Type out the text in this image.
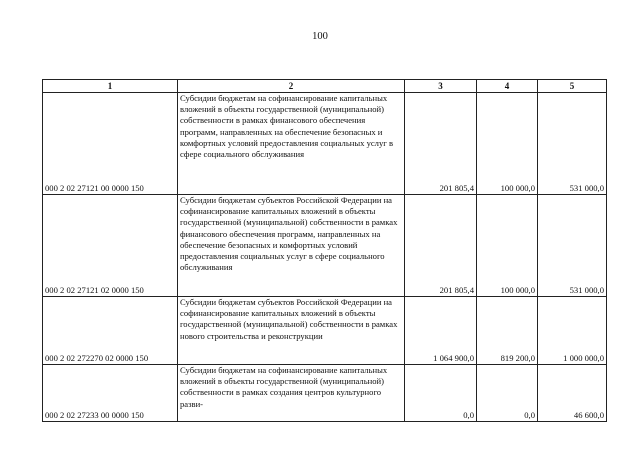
100
1	2	3	4	5
000 2 02 27121 00 0000 150	Субсидии бюджетам на софинансирование капитальных вложений в объекты государственной (муниципальной) собственности в рамках финансового обеспечения программ, направленных на обеспечение безопасных и комфортных условий предоставления социальных услуг в сфере социального обслуживания	201 805,4	100 000,0	531 000,0
000 2 02 27121 02 0000 150	Субсидии бюджетам субъектов Российской Федерации на софинансирование капитальных вложений в объекты государственной (муниципальной) собственности в рамках финансового обеспечения программ, направленных на обеспечение безопасных и комфортных условий предоставления социальных услуг в сфере социального обслуживания	201 805,4	100 000,0	531 000,0
000 2 02 272270 02 0000 150	Субсидии бюджетам субъектов Российской Федерации на софинансирование капитальных вложений в объекты государственной (муниципальной) собственности в рамках нового строительства и реконструкции	1 064 900,0	819 200,0	1 000 000,0
000 2 02 27233 00 0000 150	Субсидии бюджетам на софинансирование капитальных вложений в объекты государственной (муниципальной) собственности в рамках создания центров культурного разви-	0,0	0,0	46 600,0
